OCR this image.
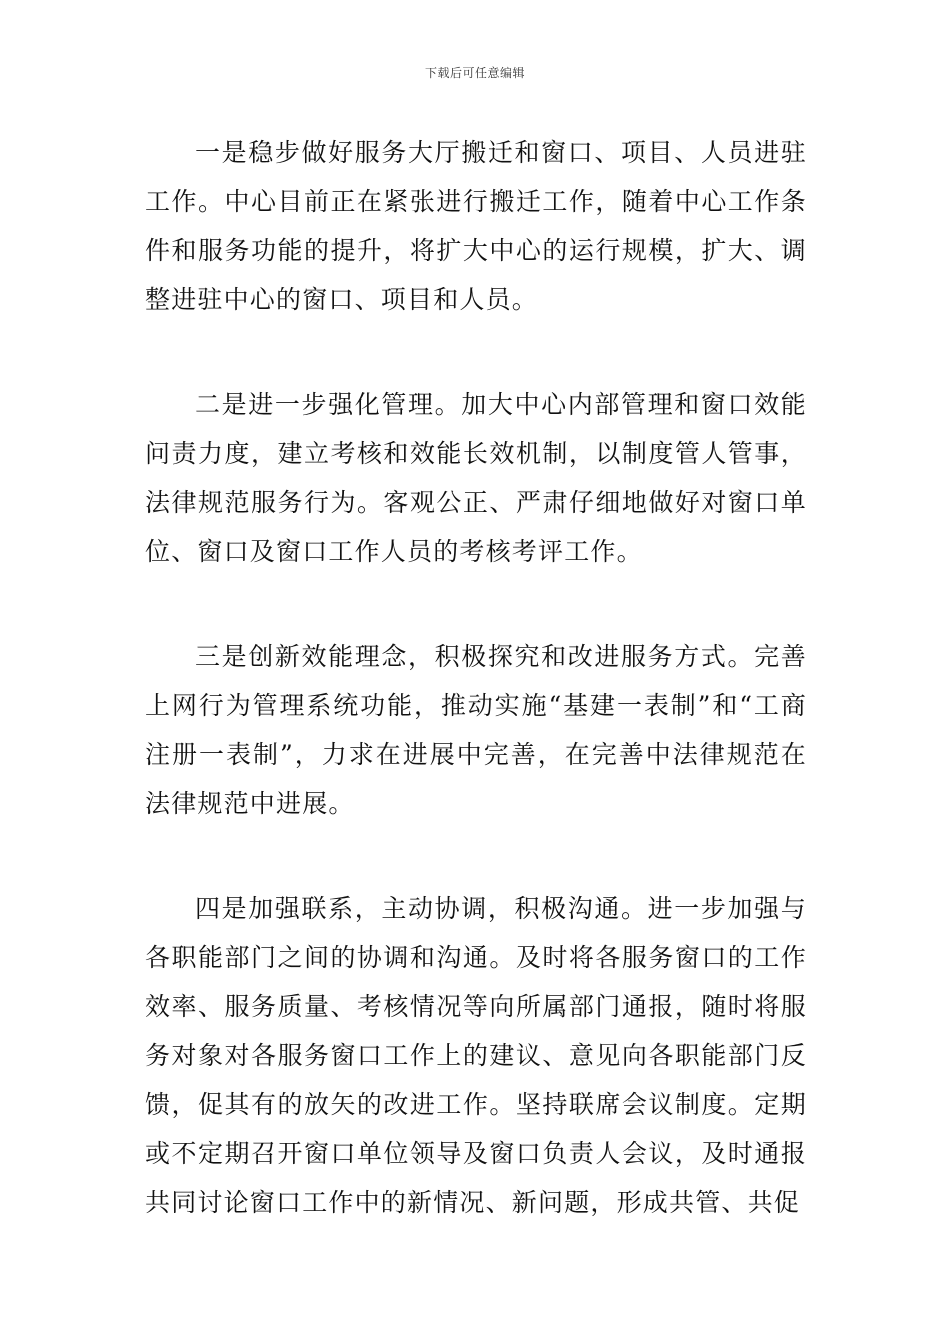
下载后可任意编辑

一是稳步做好服务大厅搬迁和窗口、项目、人员进驻工作。中心目前正在紧张进行搬迁工作，随着中心工作条件和服务功能的提升，将扩大中心的运行规模，扩大、调整进驻中心的窗口、项目和人员。

二是进一步强化管理。加大中心内部管理和窗口效能问责力度，建立考核和效能长效机制，以制度管人管事，法律规范服务行为。客观公正、严肃仔细地做好对窗口单位、窗口及窗口工作人员的考核考评工作。

三是创新效能理念，积极探究和改进服务方式。完善上网行为管理系统功能，推动实施“基建一表制”和“工商注册一表制”，力求在进展中完善，在完善中法律规范在法律规范中进展。

四是加强联系，主动协调，积极沟通。进一步加强与各职能部门之间的协调和沟通。及时将各服务窗口的工作效率、服务质量、考核情况等向所属部门通报，随时将服务对象对各服务窗口工作上的建议、意见向各职能部门反馈，促其有的放矢的改进工作。坚持联席会议制度。定期或不定期召开窗口单位领导及窗口负责人会议，及时通报共同讨论窗口工作中的新情况、新问题，形成共管、共促
